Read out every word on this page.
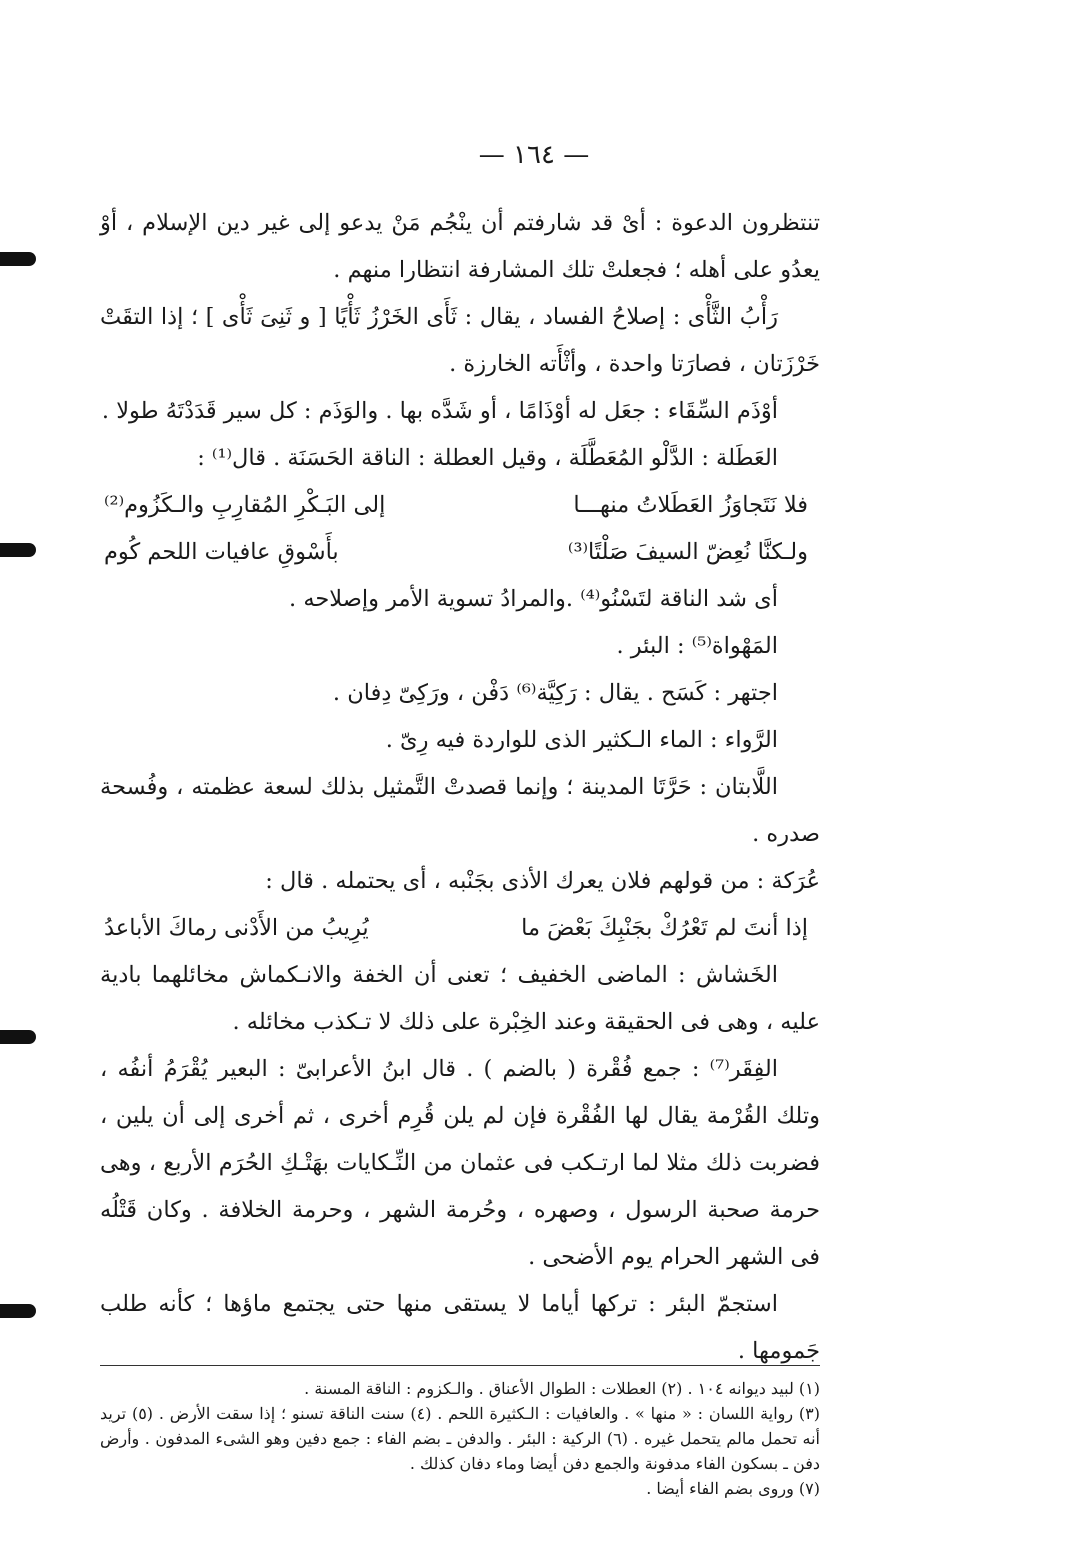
— ١٦٤ —

تنتظرون الدعوة : أىْ قد شارفتم أن ينْجُم مَنْ يدعو إلى غير دين الإسلام ، أوْ يعدُو على أهله ؛ فجعلتْ تلك المشارفة انتظارا منهم .

رَأْبُ الثَّأْى : إصلاحُ الفساد ، يقال : ثَأَى الخَرْزُ ثَأْيًا [ و ثَنِىَ ثَأْى ] ؛ إذا التقَتْ خَرْزَتان ، فصارَتا واحدة ، وأثْأَته الخارزة .

أوْذَم السِّقَاء : جعَل له أوْذَامًا ، أو شَدَّه بها . والوَذَم : كل سير قَدَدْتَهُ طولا .

العَطَلة : الدَّلْو المُعَطَّلَة ، وقيل العطلة : الناقة الحَسَنَة . قال⁽¹⁾ :

فلا نَتَجاوَزُ العَطَلاتُ منهـــا
إلى البَـكْرِ المُقارِبِ والـكَزُوم⁽²⁾
ولـكنَّا نُعِضّ السيفَ صَلْتًا⁽³⁾
بأَسْوقِ عافيات اللحم كُوم

أى شد الناقة لتَسْنُو⁽⁴⁾ .والمرادُ تسوية الأمر وإصلاحه .

المَهْواة⁽⁵⁾ : البئر .

اجتهر : كَسَح . يقال : رَكِيَّة⁽⁶⁾ دَفْن ، ورَكِىّ دِفان .

الرَّواء : الماء الـكثير الذى للواردة فيه رِىّ .

اللَّابتان : حَرَّتَا المدينة ؛ وإنما قصدتْ التَّمثيل بذلك لسعة عظمته ، وفُسحة صدره .

عُرَكة : من قولهم فلان يعرك الأذى بجَنْبه ، أى يحتمله . قال :

إذا أنتَ لم تَعْرُكْ بجَنْبِكَ بَعْضَ ما
يُرِيبُ من الأَدْنى رماكَ الأباعدُ

الخَشاش : الماضى الخفيف ؛ تعنى أن الخفة والانـكماش مخائلهما بادية عليه ، وهى فى الحقيقة وعند الخِبْرة على ذلك لا تـكذب مخائله .

الفِقَر⁽⁷⁾ : جمع فُقْرة ( بالضم ) . قال ابنُ الأعرابىّ : البعير يُقْرَمُ أنفُه ، وتلك القُرْمة يقال لها الفُقْرة فإن لم يلن قُرِم أخرى ، ثم أخرى إلى أن يلين ، فضربت ذلك مثلا لما ارتـكب فى عثمان من النِّـكايات بهَتْـكِ الحُرَم الأربع ، وهى حرمة صحبة الرسول ، وصهره ، وحُرمة الشهر ، وحرمة الخلافة . وكان قَتْلُه فى الشهر الحرام يوم الأضحى .

استجمّ البئر : تركها أياما لا يستقى منها حتى يجتمع ماؤها ؛ كأنه طلب جَمومها .

(١) لبيد ديوانه ١٠٤ . (٢) العطلات : الطوال الأعناق . والـكزوم : الناقة المسنة .

(٣) رواية اللسان : « منها » . والعافيات : الـكثيرة اللحم . (٤) سنت الناقة تسنو ؛ إذا سقت الأرض . (٥) تريد أنه تحمل مالم يتحمل غيره . (٦) الركية : البئر . والدفن ـ بضم الفاء : جمع دفين وهو الشىء المدفون . وأرض دفن ـ بسكون الفاء مدفونة والجمع دفن أيضا وماء دفان كذلك .

(٧) وروى بضم الفاء أيضا .
